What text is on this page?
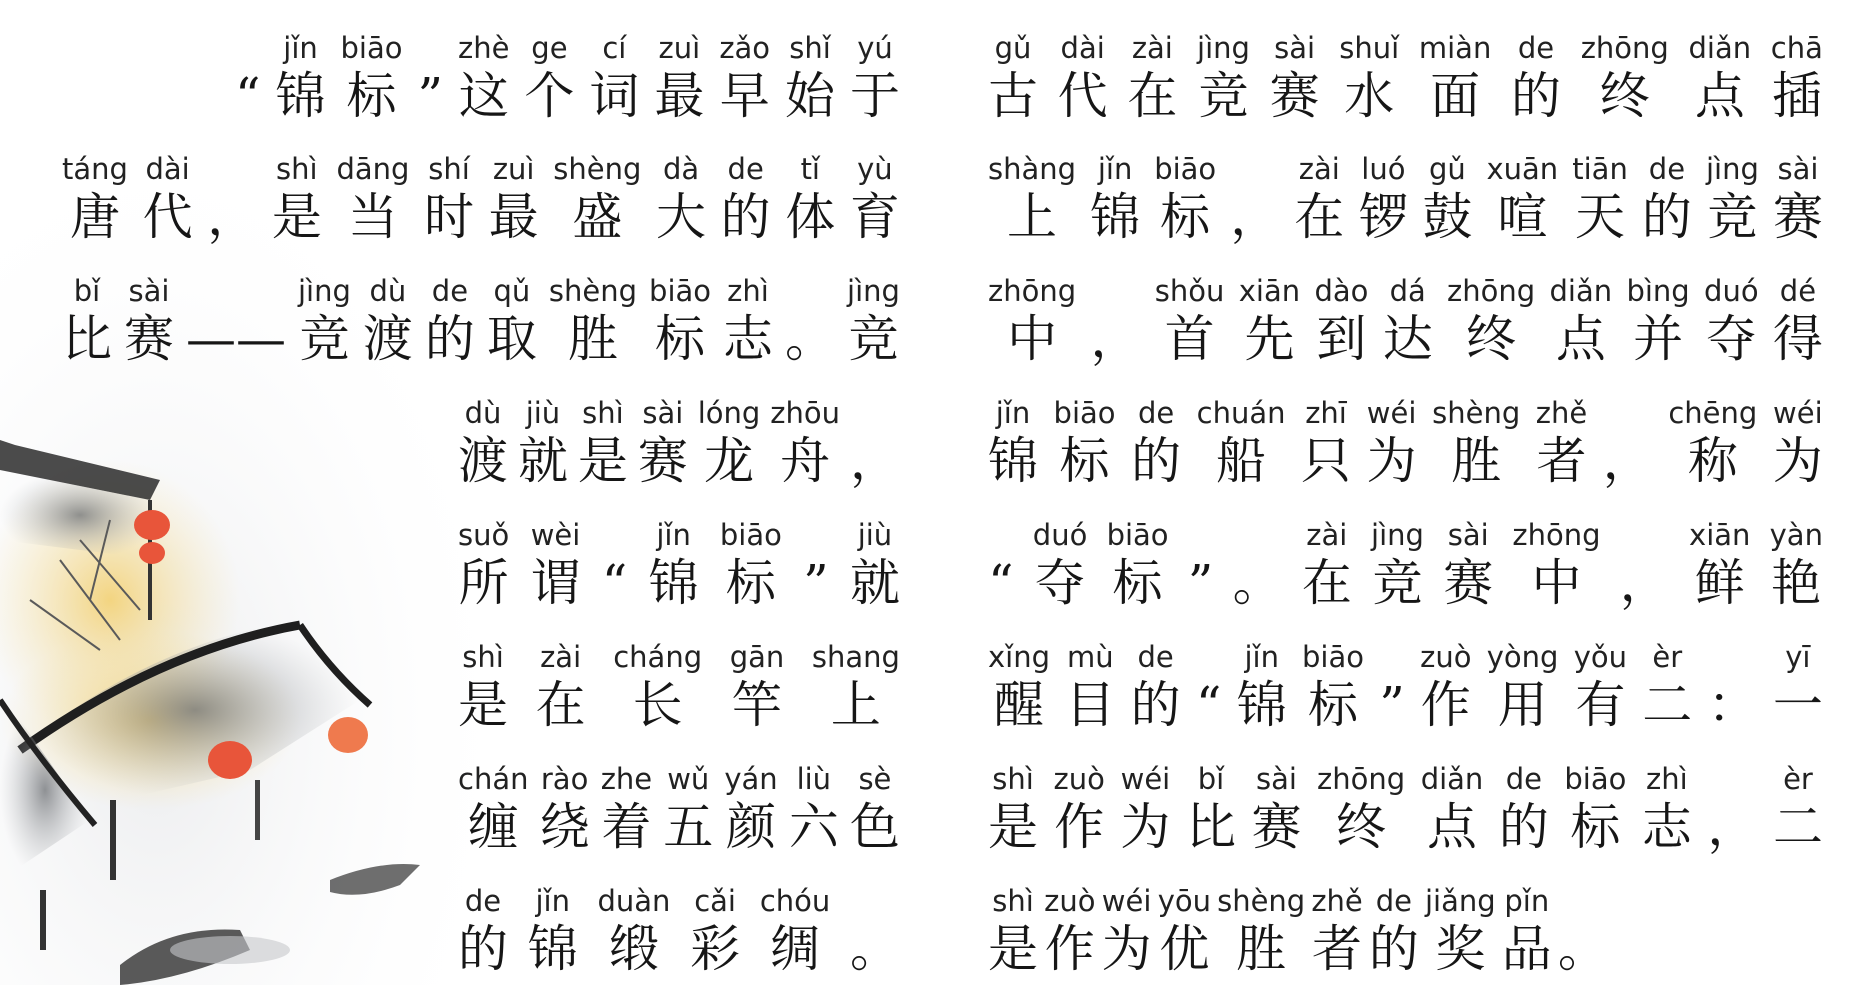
“
jǐn
锦
biāo
标 ”
zhè
这
ge
个
cí
词
zuì
最
zǎo
早
shǐ
始
yú
于
táng
唐
dài
代 ，
shì
是
dāng
当
shí
时
zuì
最
shèng
盛
dà
大
de
的
tǐ
体
yù
育
bǐ
比
sài
赛 ——
jìng
竞
dù
渡
de
的
qǔ
取
shèng
胜
biāo
标
zhì
志 。
jìng
竞
dù
渡
jiù
就
shì
是
sài
赛
lóng
龙
zhōu
舟 ，
suǒ
所
wèi
谓 “
jǐn
锦
biāo
标 ”
jiù
就
shì
是
zài
在
cháng
长
gān
竿
shang
上
chán
缠
rào
绕
zhe
着
wǔ
五
yán
颜
liù
六
sè
色
de
的
jǐn
锦
duàn
缎
cǎi
彩
chóu
绸 。
gǔ
古
dài
代
zài
在
jìng
竞
sài
赛
shuǐ
水
miàn
面
de
的
zhōng
终
diǎn
点
chā
插
shàng
上
jǐn
锦
biāo
标 ，
zài
在
luó
锣
gǔ
鼓
xuān
喧
tiān
天
de
的
jìng
竞
sài
赛
zhōng
中 ，
shǒu
首
xiān
先
dào
到
dá
达
zhōng
终
diǎn
点
bìng
并
duó
夺
dé
得
jǐn
锦
biāo
标
de
的
chuán
船
zhī
只
wéi
为
shèng
胜
zhě
者 ，
chēng
称
wéi
为
“
duó
夺
biāo
标 ” 。
zài
在
jìng
竞
sài
赛
zhōng
中 ，
xiān
鲜
yàn
艳
xǐng
醒
mù
目
de
的 “
jǐn
锦
biāo
标 ”
zuò
作
yòng
用
yǒu
有
èr
二 ：
yī
一
shì
是
zuò
作
wéi
为
bǐ
比
sài
赛
zhōng
终
diǎn
点
de
的
biāo
标
zhì
志 ，
èr
二
shì
是
zuò
作
wéi
为
yōu
优
shèng
胜
zhě
者
de
的
jiǎng
奖
pǐn
品 。
